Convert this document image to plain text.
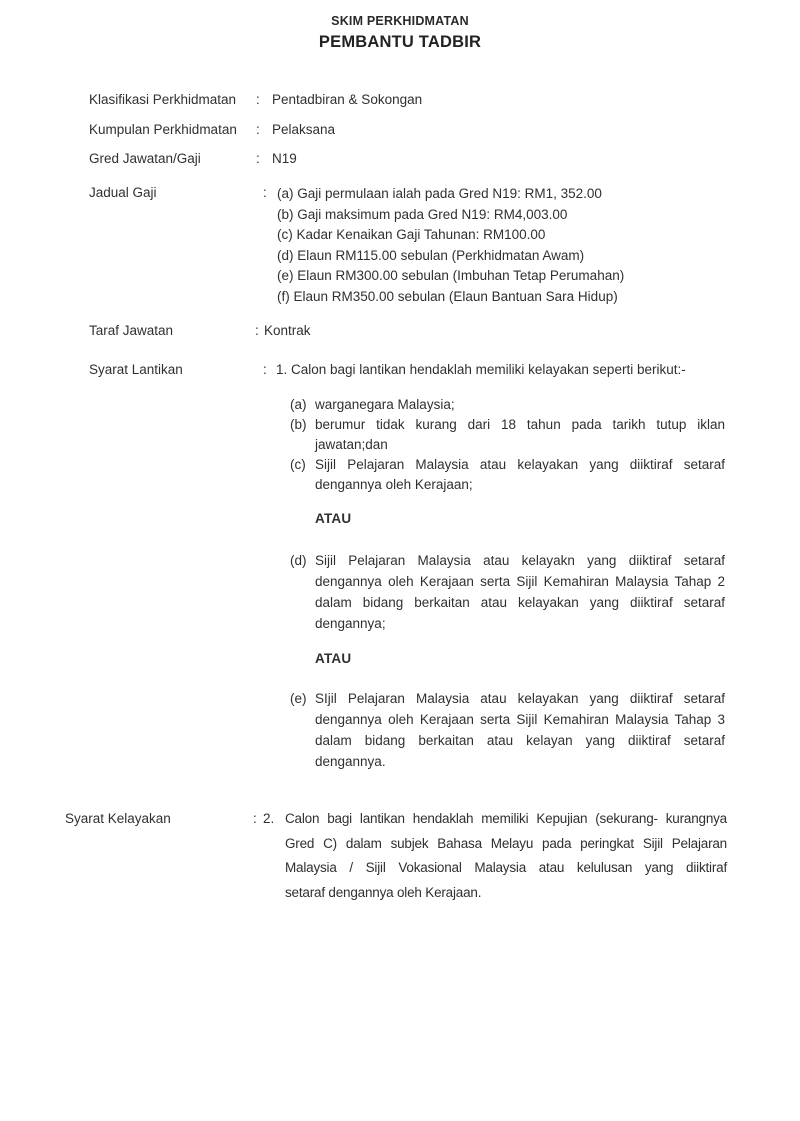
SKIM PERKHIDMATAN
PEMBANTU TADBIR
Klasifikasi Perkhidmatan : Pentadbiran & Sokongan
Kumpulan Perkhidmatan : Pelaksana
Gred Jawatan/Gaji	: N19
Jadual Gaji	: (a) Gaji permulaan ialah pada Gred N19: RM1, 352.00
(b) Gaji maksimum pada Gred N19: RM4,003.00
(c) Kadar Kenaikan Gaji Tahunan: RM100.00
(d) Elaun RM115.00 sebulan (Perkhidmatan Awam)
(e) Elaun RM300.00 sebulan (Imbuhan Tetap Perumahan)
(f) Elaun RM350.00 sebulan (Elaun Bantuan Sara Hidup)
Taraf Jawatan	: Kontrak
Syarat Lantikan	: 1. Calon bagi lantikan hendaklah memiliki kelayakan seperti berikut:-
(a) warganegara Malaysia;
(b) berumur tidak kurang dari 18 tahun pada tarikh tutup iklan
jawatan;dan
(c) Sijil Pelajaran Malaysia atau kelayakan yang diiktiraf setaraf
dengannya oleh Kerajaan;
ATAU
(d) Sijil Pelajaran Malaysia atau kelayakn yang diiktiraf setaraf
dengannya oleh Kerajaan serta Sijil Kemahiran Malaysia Tahap 2
dalam bidang berkaitan atau kelayakan yang diiktiraf setaraf
dengannya;
ATAU
(e) SIjil Pelajaran Malaysia atau kelayakan yang diiktiraf setaraf
dengannya oleh Kerajaan serta Sijil Kemahiran Malaysia Tahap 3
dalam bidang berkaitan atau kelayan yang diiktiraf setaraf
dengannya.
Syarat Kelayakan	: 2. Calon bagi lantikan hendaklah memiliki Kepujian (sekurang- kurangnya
Gred C) dalam subjek Bahasa Melayu pada peringkat Sijil Pelajaran
Malaysia / Sijil Vokasional Malaysia atau kelulusan yang diiktiraf
setaraf dengannya oleh Kerajaan.
